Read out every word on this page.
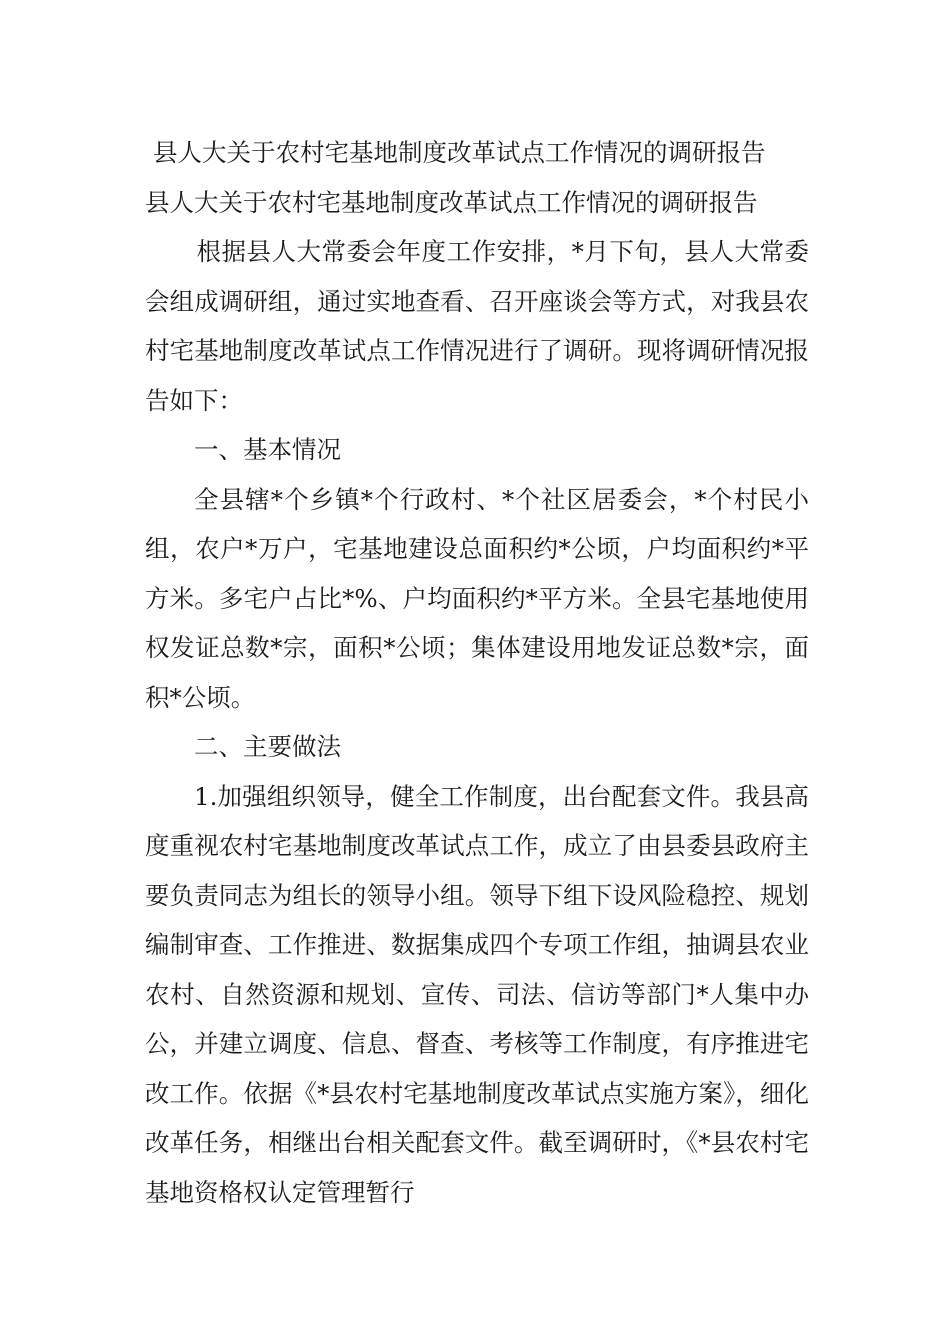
县人大关于农村宅基地制度改革试点工作情况的调研报告
县人大关于农村宅基地制度改革试点工作情况的调研报告

根据县人大常委会年度工作安排，*月下旬，县人大常委会组成调研组，通过实地查看、召开座谈会等方式，对我县农村宅基地制度改革试点工作情况进行了调研。现将调研情况报告如下：

一、基本情况

全县辖*个乡镇*个行政村、*个社区居委会，*个村民小组，农户*万户，宅基地建设总面积约*公顷，户均面积约*平方米。多宅户占比*%、户均面积约*平方米。全县宅基地使用权发证总数*宗，面积*公顷；集体建设用地发证总数*宗，面积*公顷。

二、主要做法

1.加强组织领导，健全工作制度，出台配套文件。我县高度重视农村宅基地制度改革试点工作，成立了由县委县政府主要负责同志为组长的领导小组。领导下组下设风险稳控、规划编制审查、工作推进、数据集成四个专项工作组，抽调县农业农村、自然资源和规划、宣传、司法、信访等部门*人集中办公，并建立调度、信息、督查、考核等工作制度，有序推进宅改工作。依据《*县农村宅基地制度改革试点实施方案》，细化改革任务，相继出台相关配套文件。截至调研时，《*县农村宅基地资格权认定管理暂行
